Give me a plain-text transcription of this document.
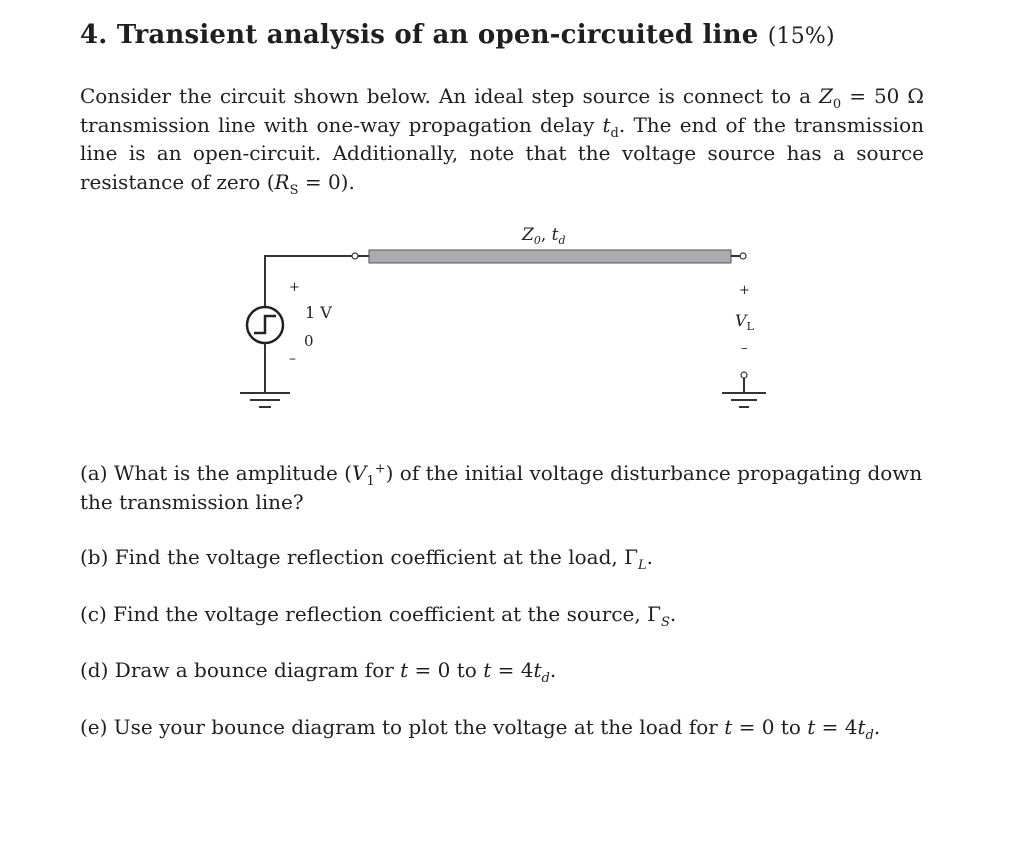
4. Transient analysis of an open-circuited line (15%)
Consider the circuit shown below. An ideal step source is connect to a $Z_0 = 50$ Ω transmission line with one-way propagation delay $t_d$. The end of the transmission line is an open-circuit. Additionally, note that the voltage source has a source resistance of zero $(R_S = 0)$.
$Z_0$, $t_d$
+
1 V
0
–
+
$V_L$
–
(a) What is the amplitude $(V_1^+)$ of the initial voltage disturbance propagating down the transmission line?
(b) Find the voltage reflection coefficient at the load, $\Gamma_L$.
(c) Find the voltage reflection coefficient at the source, $\Gamma_S$.
(d) Draw a bounce diagram for t = 0 to $t = 4t_d$.
(e) Use your bounce diagram to plot the voltage at the load for t = 0 to $t = 4t_d$.
